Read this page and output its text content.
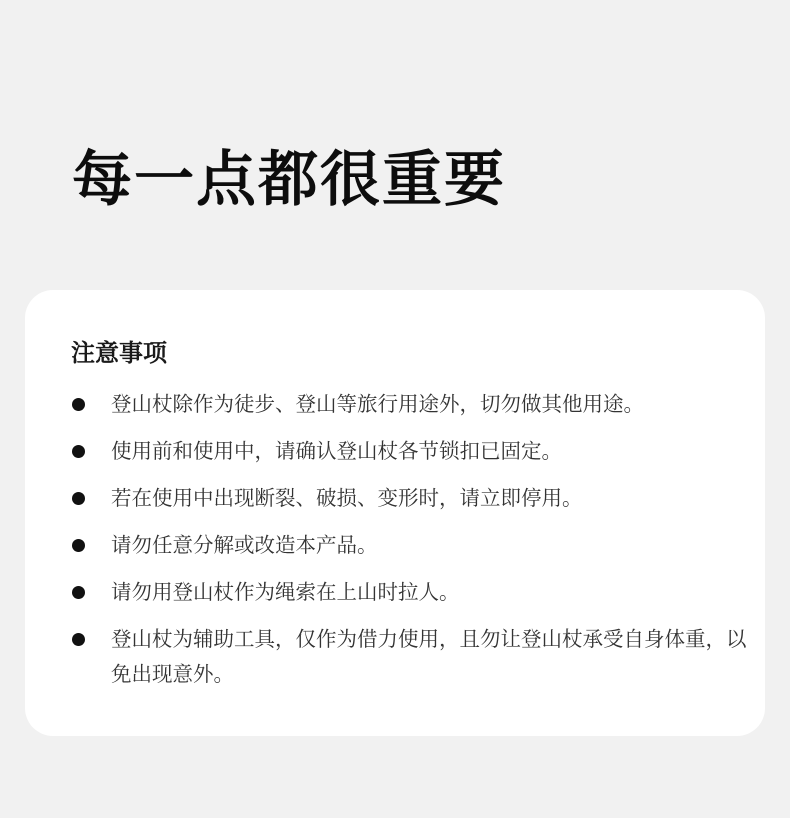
每一点都很重要
注意事项
登山杖除作为徒步、登山等旅行用途外，切勿做其他用途。
使用前和使用中，请确认登山杖各节锁扣已固定。
若在使用中出现断裂、破损、变形时，请立即停用。
请勿任意分解或改造本产品。
请勿用登山杖作为绳索在上山时拉人。
登山杖为辅助工具，仅作为借力使用，且勿让登山杖承受自身体重，以免出现意外。
